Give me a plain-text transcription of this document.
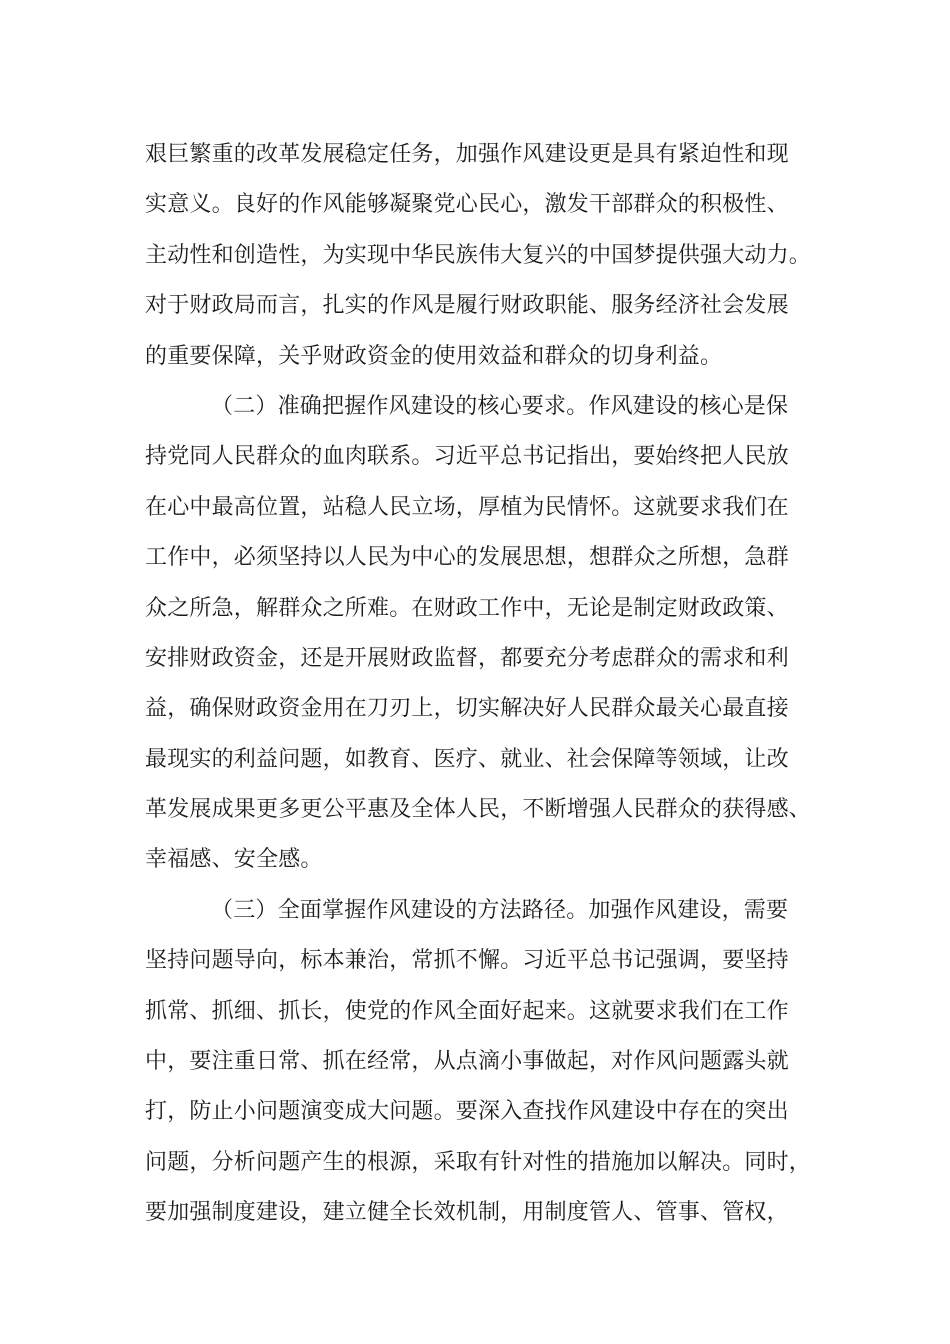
艰巨繁重的改革发展稳定任务，加强作风建设更是具有紧迫性和现
实意义。良好的作风能够凝聚党心民心，激发干部群众的积极性、
主动性和创造性，为实现中华民族伟大复兴的中国梦提供强大动力。
对于财政局而言，扎实的作风是履行财政职能、服务经济社会发展
的重要保障，关乎财政资金的使用效益和群众的切身利益。
（二）准确把握作风建设的核心要求。作风建设的核心是保
持党同人民群众的血肉联系。习近平总书记指出，要始终把人民放
在心中最高位置，站稳人民立场，厚植为民情怀。这就要求我们在
工作中，必须坚持以人民为中心的发展思想，想群众之所想，急群
众之所急，解群众之所难。在财政工作中，无论是制定财政政策、
安排财政资金，还是开展财政监督，都要充分考虑群众的需求和利
益，确保财政资金用在刀刃上，切实解决好人民群众最关心最直接
最现实的利益问题，如教育、医疗、就业、社会保障等领域，让改
革发展成果更多更公平惠及全体人民，不断增强人民群众的获得感、
幸福感、安全感。
（三）全面掌握作风建设的方法路径。加强作风建设，需要
坚持问题导向，标本兼治，常抓不懈。习近平总书记强调，要坚持
抓常、抓细、抓长，使党的作风全面好起来。这就要求我们在工作
中，要注重日常、抓在经常，从点滴小事做起，对作风问题露头就
打，防止小问题演变成大问题。要深入查找作风建设中存在的突出
问题，分析问题产生的根源，采取有针对性的措施加以解决。同时，
要加强制度建设，建立健全长效机制，用制度管人、管事、管权，
